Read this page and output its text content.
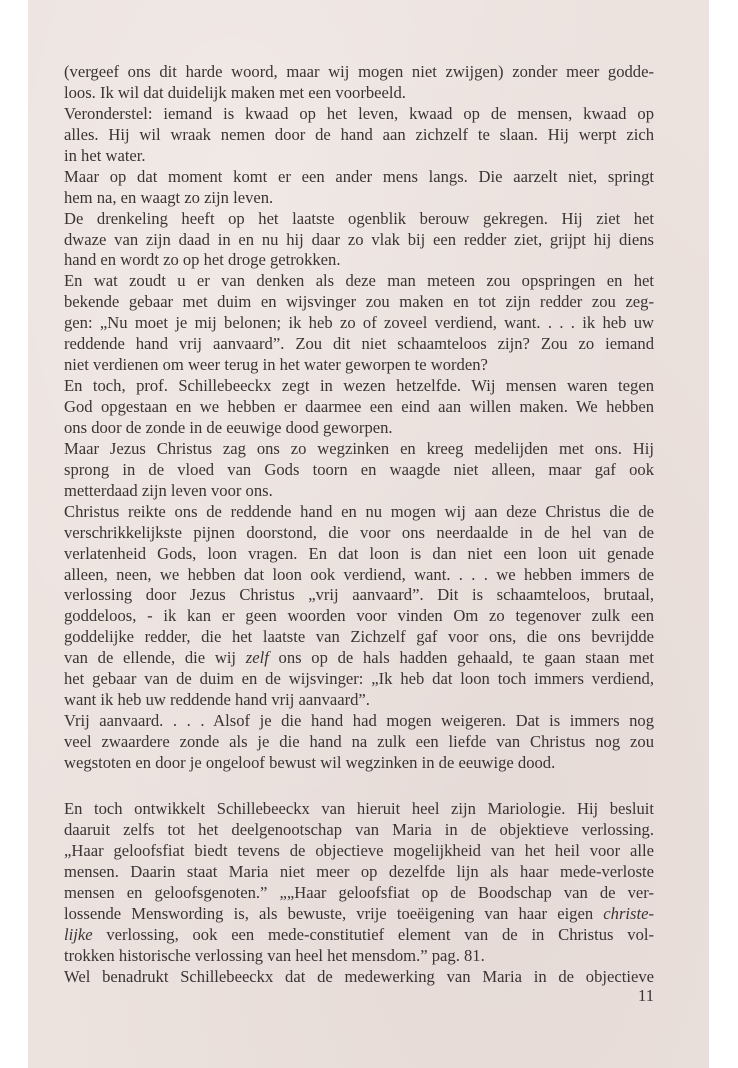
(vergeef ons dit harde woord, maar wij mogen niet zwijgen) zonder meer godde-
loos. Ik wil dat duidelijk maken met een voorbeeld.
Veronderstel: iemand is kwaad op het leven, kwaad op de mensen, kwaad op
alles. Hij wil wraak nemen door de hand aan zichzelf te slaan. Hij werpt zich
in het water.
Maar op dat moment komt er een ander mens langs. Die aarzelt niet, springt
hem na, en waagt zo zijn leven.
De drenkeling heeft op het laatste ogenblik berouw gekregen. Hij ziet het
dwaze van zijn daad in en nu hij daar zo vlak bij een redder ziet, grijpt hij diens
hand en wordt zo op het droge getrokken.
En wat zoudt u er van denken als deze man meteen zou opspringen en het
bekende gebaar met duim en wijsvinger zou maken en tot zijn redder zou zeg-
gen: „Nu moet je mij belonen; ik heb zo of zoveel verdiend, want. . . . ik heb uw
reddende hand vrij aanvaard”. Zou dit niet schaamteloos zijn? Zou zo iemand
niet verdienen om weer terug in het water geworpen te worden?
En toch, prof. Schillebeeckx zegt in wezen hetzelfde. Wij mensen waren tegen
God opgestaan en we hebben er daarmee een eind aan willen maken. We hebben
ons door de zonde in de eeuwige dood geworpen.
Maar Jezus Christus zag ons zo wegzinken en kreeg medelijden met ons. Hij
sprong in de vloed van Gods toorn en waagde niet alleen, maar gaf ook
metterdaad zijn leven voor ons.
Christus reikte ons de reddende hand en nu mogen wij aan deze Christus die de
verschrikkelijkste pijnen doorstond, die voor ons neerdaalde in de hel van de
verlatenheid Gods, loon vragen. En dat loon is dan niet een loon uit genade
alleen, neen, we hebben dat loon ook verdiend, want. . . . we hebben immers de
verlossing door Jezus Christus „vrij aanvaard”. Dit is schaamteloos, brutaal,
goddeloos, - ik kan er geen woorden voor vinden Om zo tegenover zulk een
goddelijke redder, die het laatste van Zichzelf gaf voor ons, die ons bevrijdde
van de ellende, die wij zelf ons op de hals hadden gehaald, te gaan staan met
het gebaar van de duim en de wijsvinger: „Ik heb dat loon toch immers verdiend,
want ik heb uw reddende hand vrij aanvaard”.
Vrij aanvaard. . . . Alsof je die hand had mogen weigeren. Dat is immers nog
veel zwaardere zonde als je die hand na zulk een liefde van Christus nog zou
wegstoten en door je ongeloof bewust wil wegzinken in de eeuwige dood.
En toch ontwikkelt Schillebeeckx van hieruit heel zijn Mariologie. Hij besluit
daaruit zelfs tot het deelgenootschap van Maria in de objektieve verlossing.
„Haar geloofsfiat biedt tevens de objectieve mogelijkheid van het heil voor alle
mensen. Daarin staat Maria niet meer op dezelfde lijn als haar mede-verloste
mensen en geloofsgenoten.” „„Haar geloofsfiat op de Boodschap van de ver-
lossende Menswording is, als bewuste, vrije toeëigening van haar eigen christe-
lijke verlossing, ook een mede-constitutief element van de in Christus vol-
trokken historische verlossing van heel het mensdom.” pag. 81.
Wel benadrukt Schillebeeckx dat de medewerking van Maria in de objectieve
11
